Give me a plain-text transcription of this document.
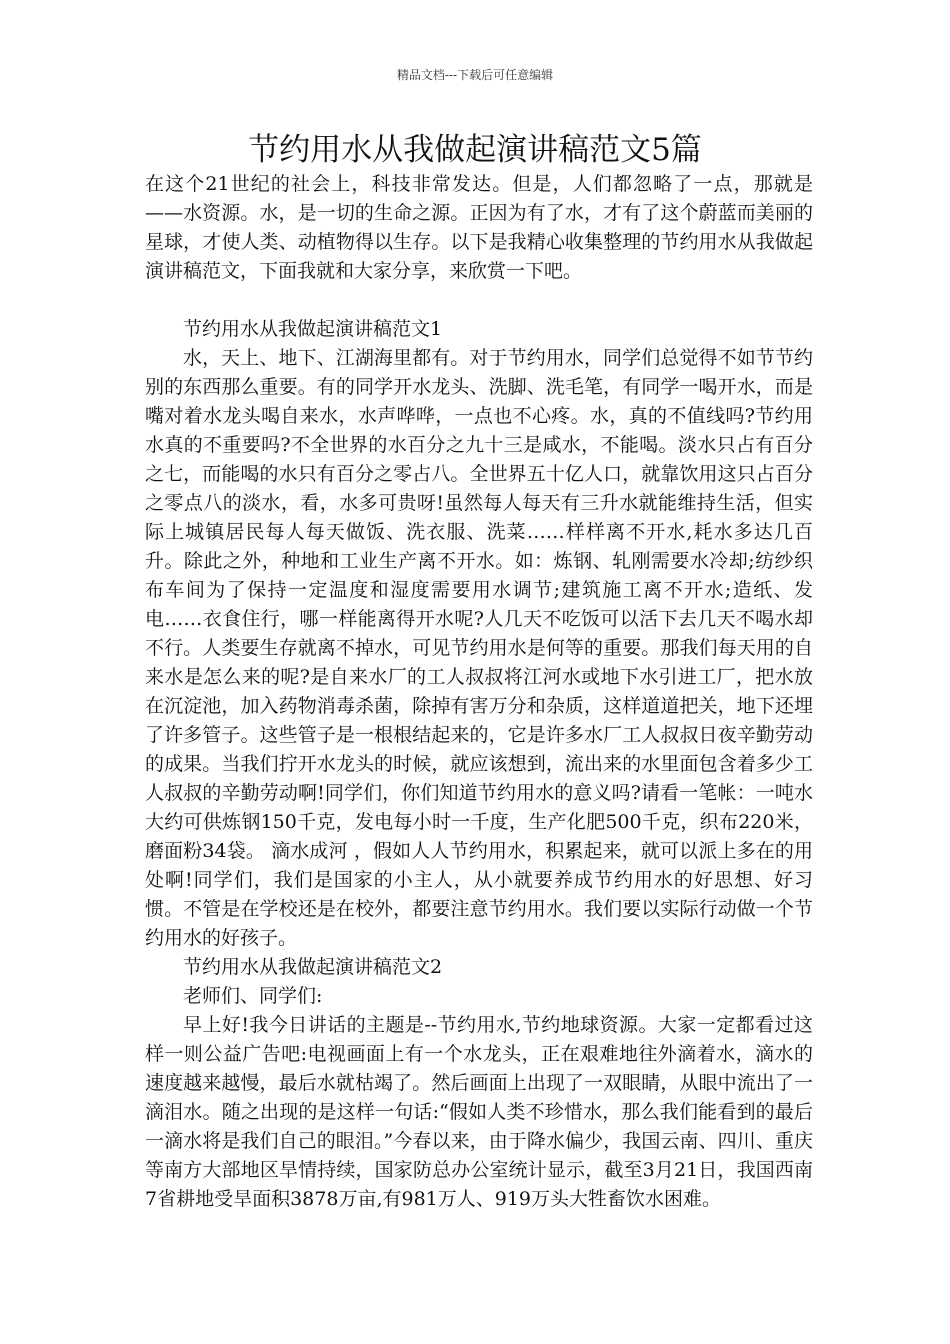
精品文档---下载后可任意编辑
节约用水从我做起演讲稿范文5篇

在这个21世纪的社会上，科技非常发达。但是，人们都忽略了一点，那就是——水资源。水，是一切的生命之源。正因为有了水，才有了这个蔚蓝而美丽的星球，才使人类、动植物得以生存。以下是我精心收集整理的节约用水从我做起演讲稿范文，下面我就和大家分享，来欣赏一下吧。

节约用水从我做起演讲稿范文1

水，天上、地下、江湖海里都有。对于节约用水，同学们总觉得不如节节约别的东西那么重要。有的同学开水龙头、洗脚、洗毛笔，有同学一喝开水，而是嘴对着水龙头喝自来水，水声哗哗，一点也不心疼。水，真的不值线吗?节约用水真的不重要吗?不全世界的水百分之九十三是咸水，不能喝。淡水只占有百分之七，而能喝的水只有百分之零占八。全世界五十亿人口，就靠饮用这只占百分之零点八的淡水，看，水多可贵呀!虽然每人每天有三升水就能维持生活，但实际上城镇居民每人每天做饭、洗衣服、洗菜……样样离不开水,耗水多达几百升。除此之外，种地和工业生产离不开水。如：炼钢、轧刚需要水冷却;纺纱织布车间为了保持一定温度和湿度需要用水调节;建筑施工离不开水;造纸、发电……衣食住行，哪一样能离得开水呢?人几天不吃饭可以活下去几天不喝水却不行。人类要生存就离不掉水，可见节约用水是何等的重要。那我们每天用的自来水是怎么来的呢?是自来水厂的工人叔叔将江河水或地下水引进工厂，把水放在沉淀池，加入药物消毒杀菌，除掉有害万分和杂质，这样道道把关，地下还埋了许多管子。这些管子是一根根结起来的，它是许多水厂工人叔叔日夜辛勤劳动的成果。当我们拧开水龙头的时候，就应该想到，流出来的水里面包含着多少工人叔叔的辛勤劳动啊!同学们，你们知道节约用水的意义吗?请看一笔帐：一吨水大约可供炼钢150千克，发电每小时一千度，生产化肥500千克，织布220米，磨面粉34袋。 滴水成河 ，假如人人节约用水，积累起来，就可以派上多在的用处啊!同学们，我们是国家的小主人，从小就要养成节约用水的好思想、好习惯。不管是在学校还是在校外，都要注意节约用水。我们要以实际行动做一个节约用水的好孩子。

节约用水从我做起演讲稿范文2

老师们、同学们:

早上好!我今日讲话的主题是--节约用水,节约地球资源。大家一定都看过这样一则公益广告吧:电视画面上有一个水龙头，正在艰难地往外滴着水，滴水的速度越来越慢，最后水就枯竭了。然后画面上出现了一双眼睛，从眼中流出了一滴泪水。随之出现的是这样一句话:“假如人类不珍惜水，那么我们能看到的最后一滴水将是我们自己的眼泪。”今春以来，由于降水偏少，我国云南、四川、重庆等南方大部地区旱情持续，国家防总办公室统计显示，截至3月21日，我国西南7省耕地受旱面积3878万亩,有981万人、919万头大牲畜饮水困难。
